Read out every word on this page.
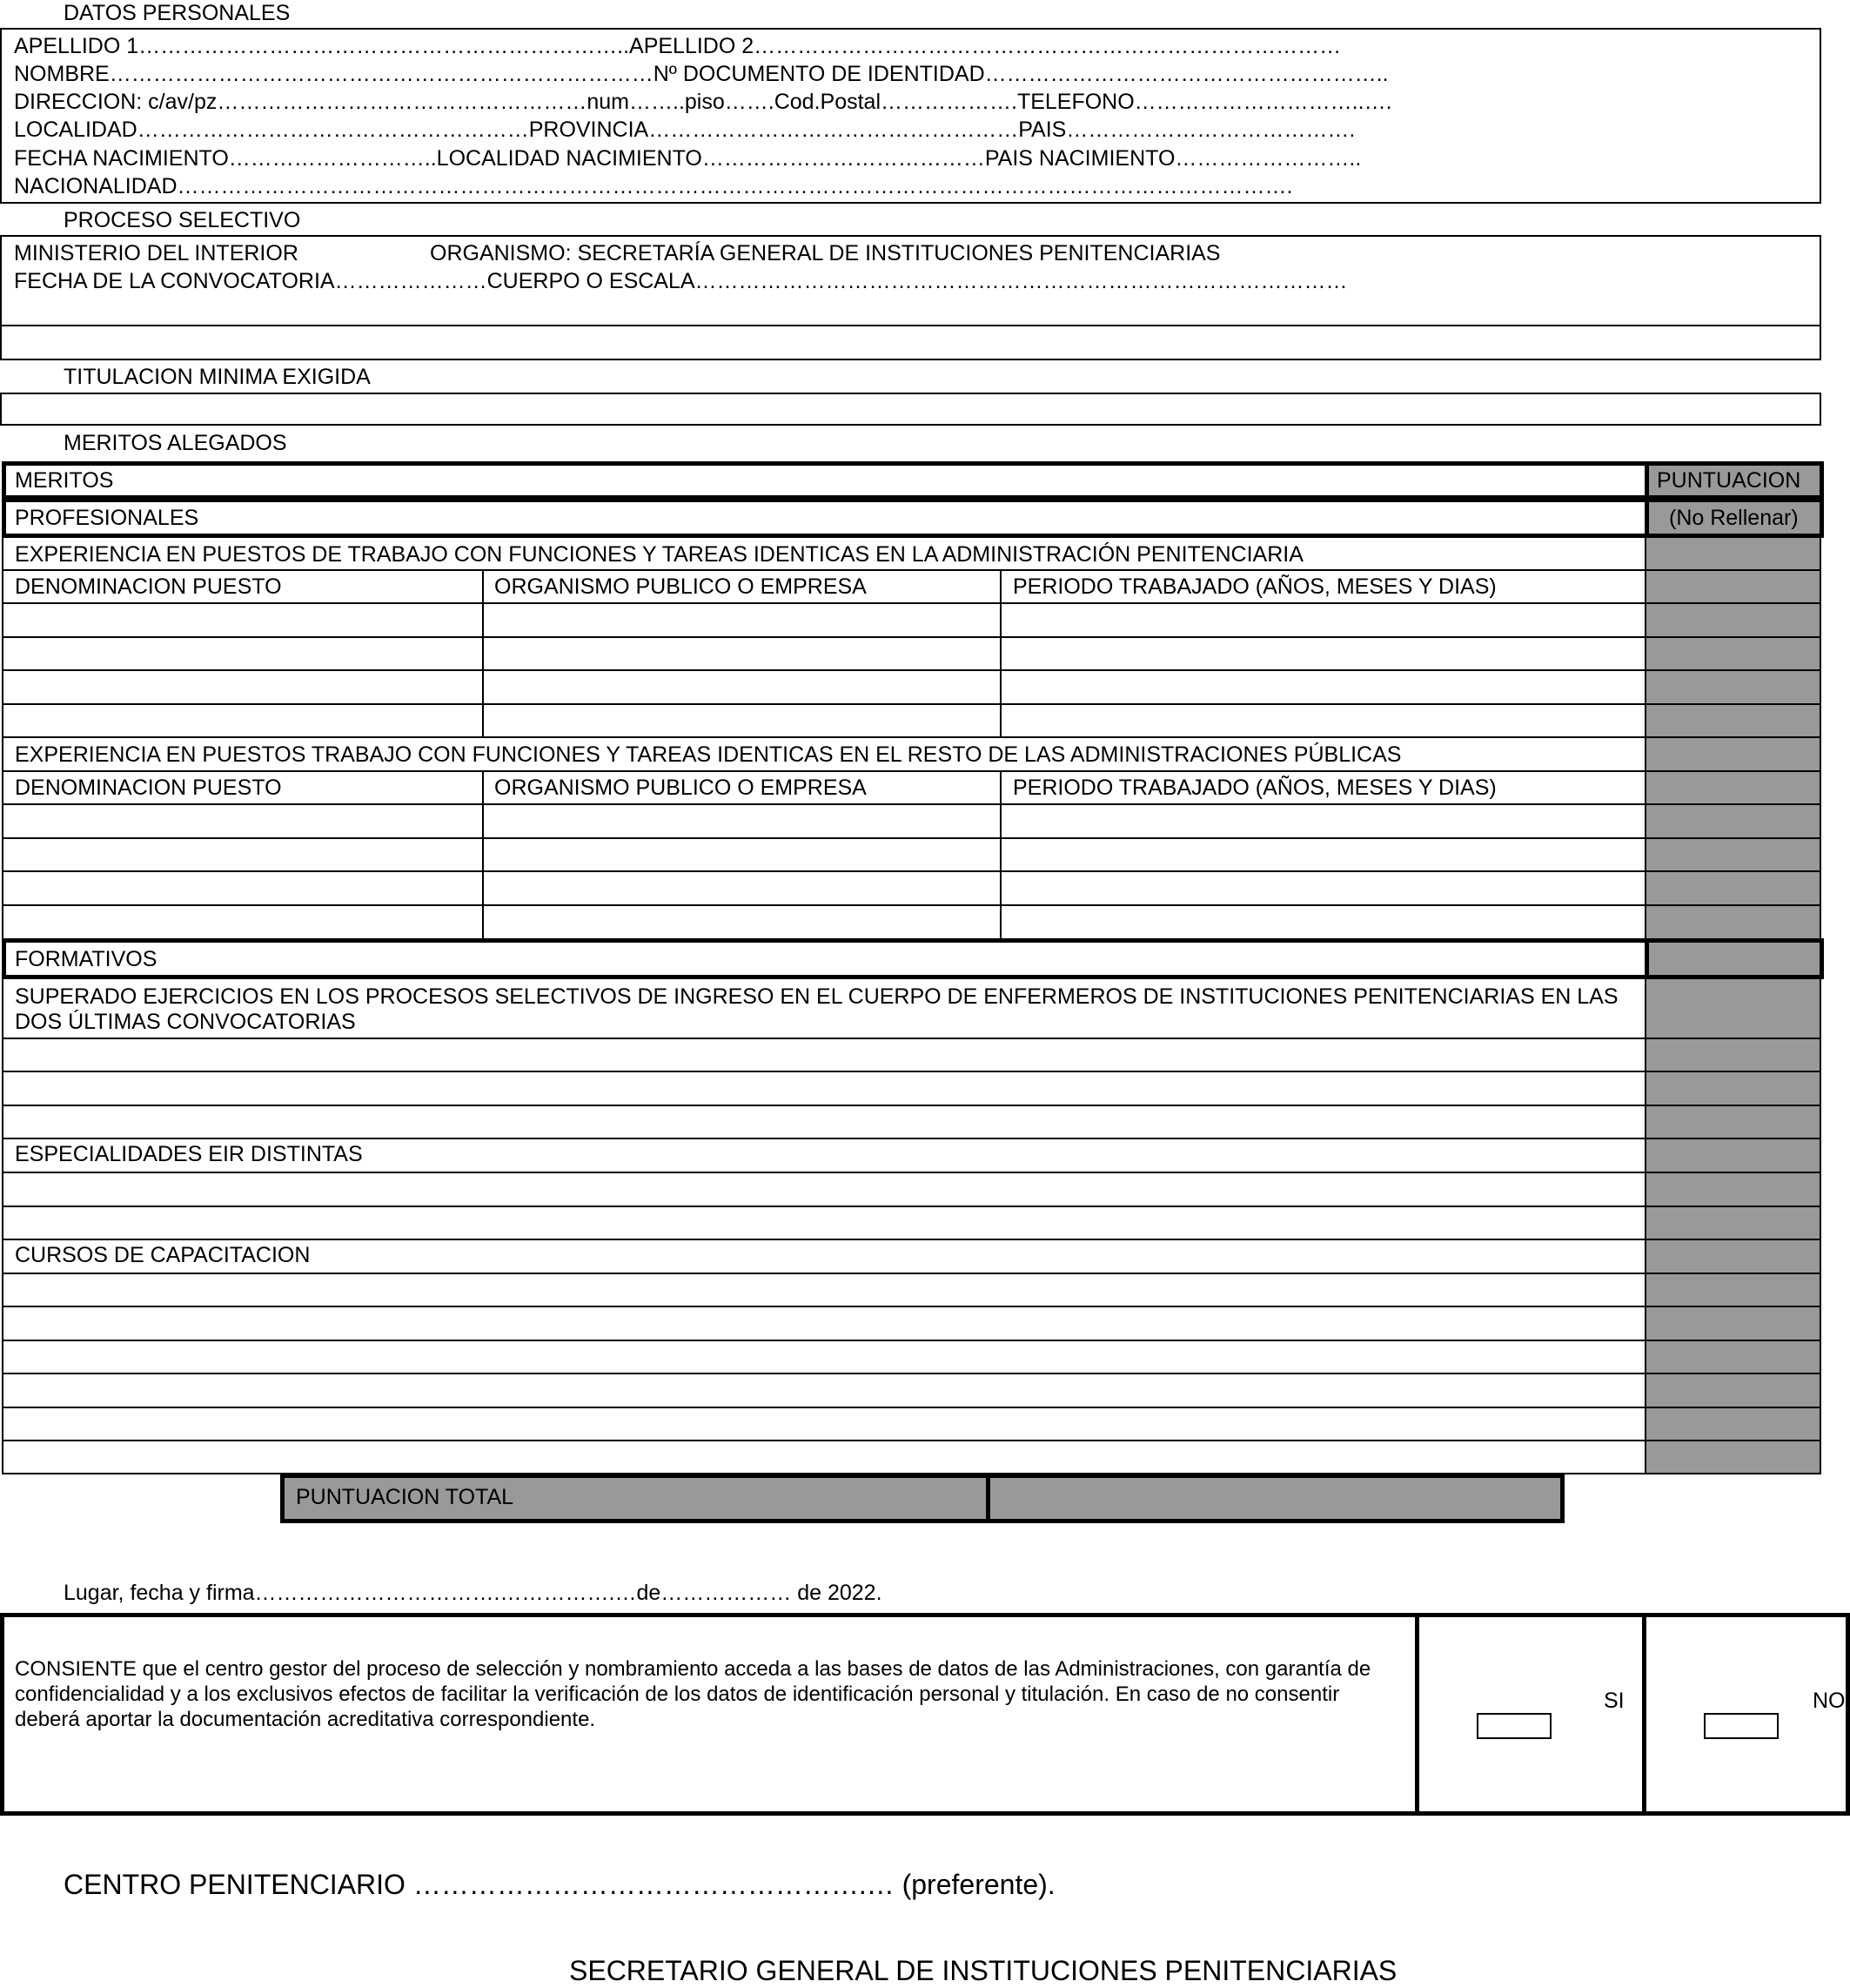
DATOS PERSONALES
APELLIDO 1…………………………………………………………..APELLIDO 2………………………………………………………………………
NOMBRE…………………………………………………………………Nº DOCUMENTO DE IDENTIDAD………………………………………………..
DIRECCION: c/av/pz……………………………………………num……..piso…….Cod.Postal……………….TELEFONO…………………………..….
LOCALIDAD………………………………………………PROVINCIA……………………………………………PAIS………………………………….
FECHA NACIMIENTO………………………..LOCALIDAD NACIMIENTO…………………………………PAIS NACIMIENTO……………………..
NACIONALIDAD……………………………………………………………………………………………………………………………………….
PROCESO SELECTIVO
MINISTERIO DEL INTERIOR	ORGANISMO: SECRETARÍA GENERAL DE INSTITUCIONES PENITENCIARIAS
FECHA DE LA CONVOCATORIA…………………CUERPO O ESCALA………………………………………………………………………………
TITULACION MINIMA EXIGIDA
MERITOS ALEGADOS
MERITOS	PUNTUACION
PROFESIONALES	(No Rellenar)
EXPERIENCIA EN PUESTOS DE TRABAJO CON FUNCIONES Y TAREAS IDENTICAS EN LA ADMINISTRACIÓN PENITENCIARIA
DENOMINACION PUESTO	ORGANISMO PUBLICO O EMPRESA	PERIODO TRABAJADO (AÑOS, MESES Y DIAS)
EXPERIENCIA EN PUESTOS TRABAJO CON FUNCIONES Y TAREAS IDENTICAS EN EL RESTO DE LAS ADMINISTRACIONES PÚBLICAS
DENOMINACION PUESTO	ORGANISMO PUBLICO O EMPRESA	PERIODO TRABAJADO (AÑOS, MESES Y DIAS)
FORMATIVOS
SUPERADO EJERCICIOS EN LOS PROCESOS SELECTIVOS DE INGRESO EN EL CUERPO DE ENFERMEROS DE INSTITUCIONES PENITENCIARIAS EN LAS DOS ÚLTIMAS CONVOCATORIAS
ESPECIALIDADES EIR DISTINTAS
CURSOS DE CAPACITACION
PUNTUACION TOTAL
Lugar, fecha y firma…………………………….…………….…de……………… de 2022.
CONSIENTE que el centro gestor del proceso de selección y nombramiento acceda a las bases de datos de las Administraciones, con garantía de confidencialidad y a los exclusivos efectos de facilitar la verificación de los datos de identificación personal y titulación. En caso de no consentir deberá aportar la documentación acreditativa correspondiente.
SI	NO
CENTRO PENITENCIARIO ………………………………………….… (preferente).
SECRETARIO GENERAL DE INSTITUCIONES PENITENCIARIAS
